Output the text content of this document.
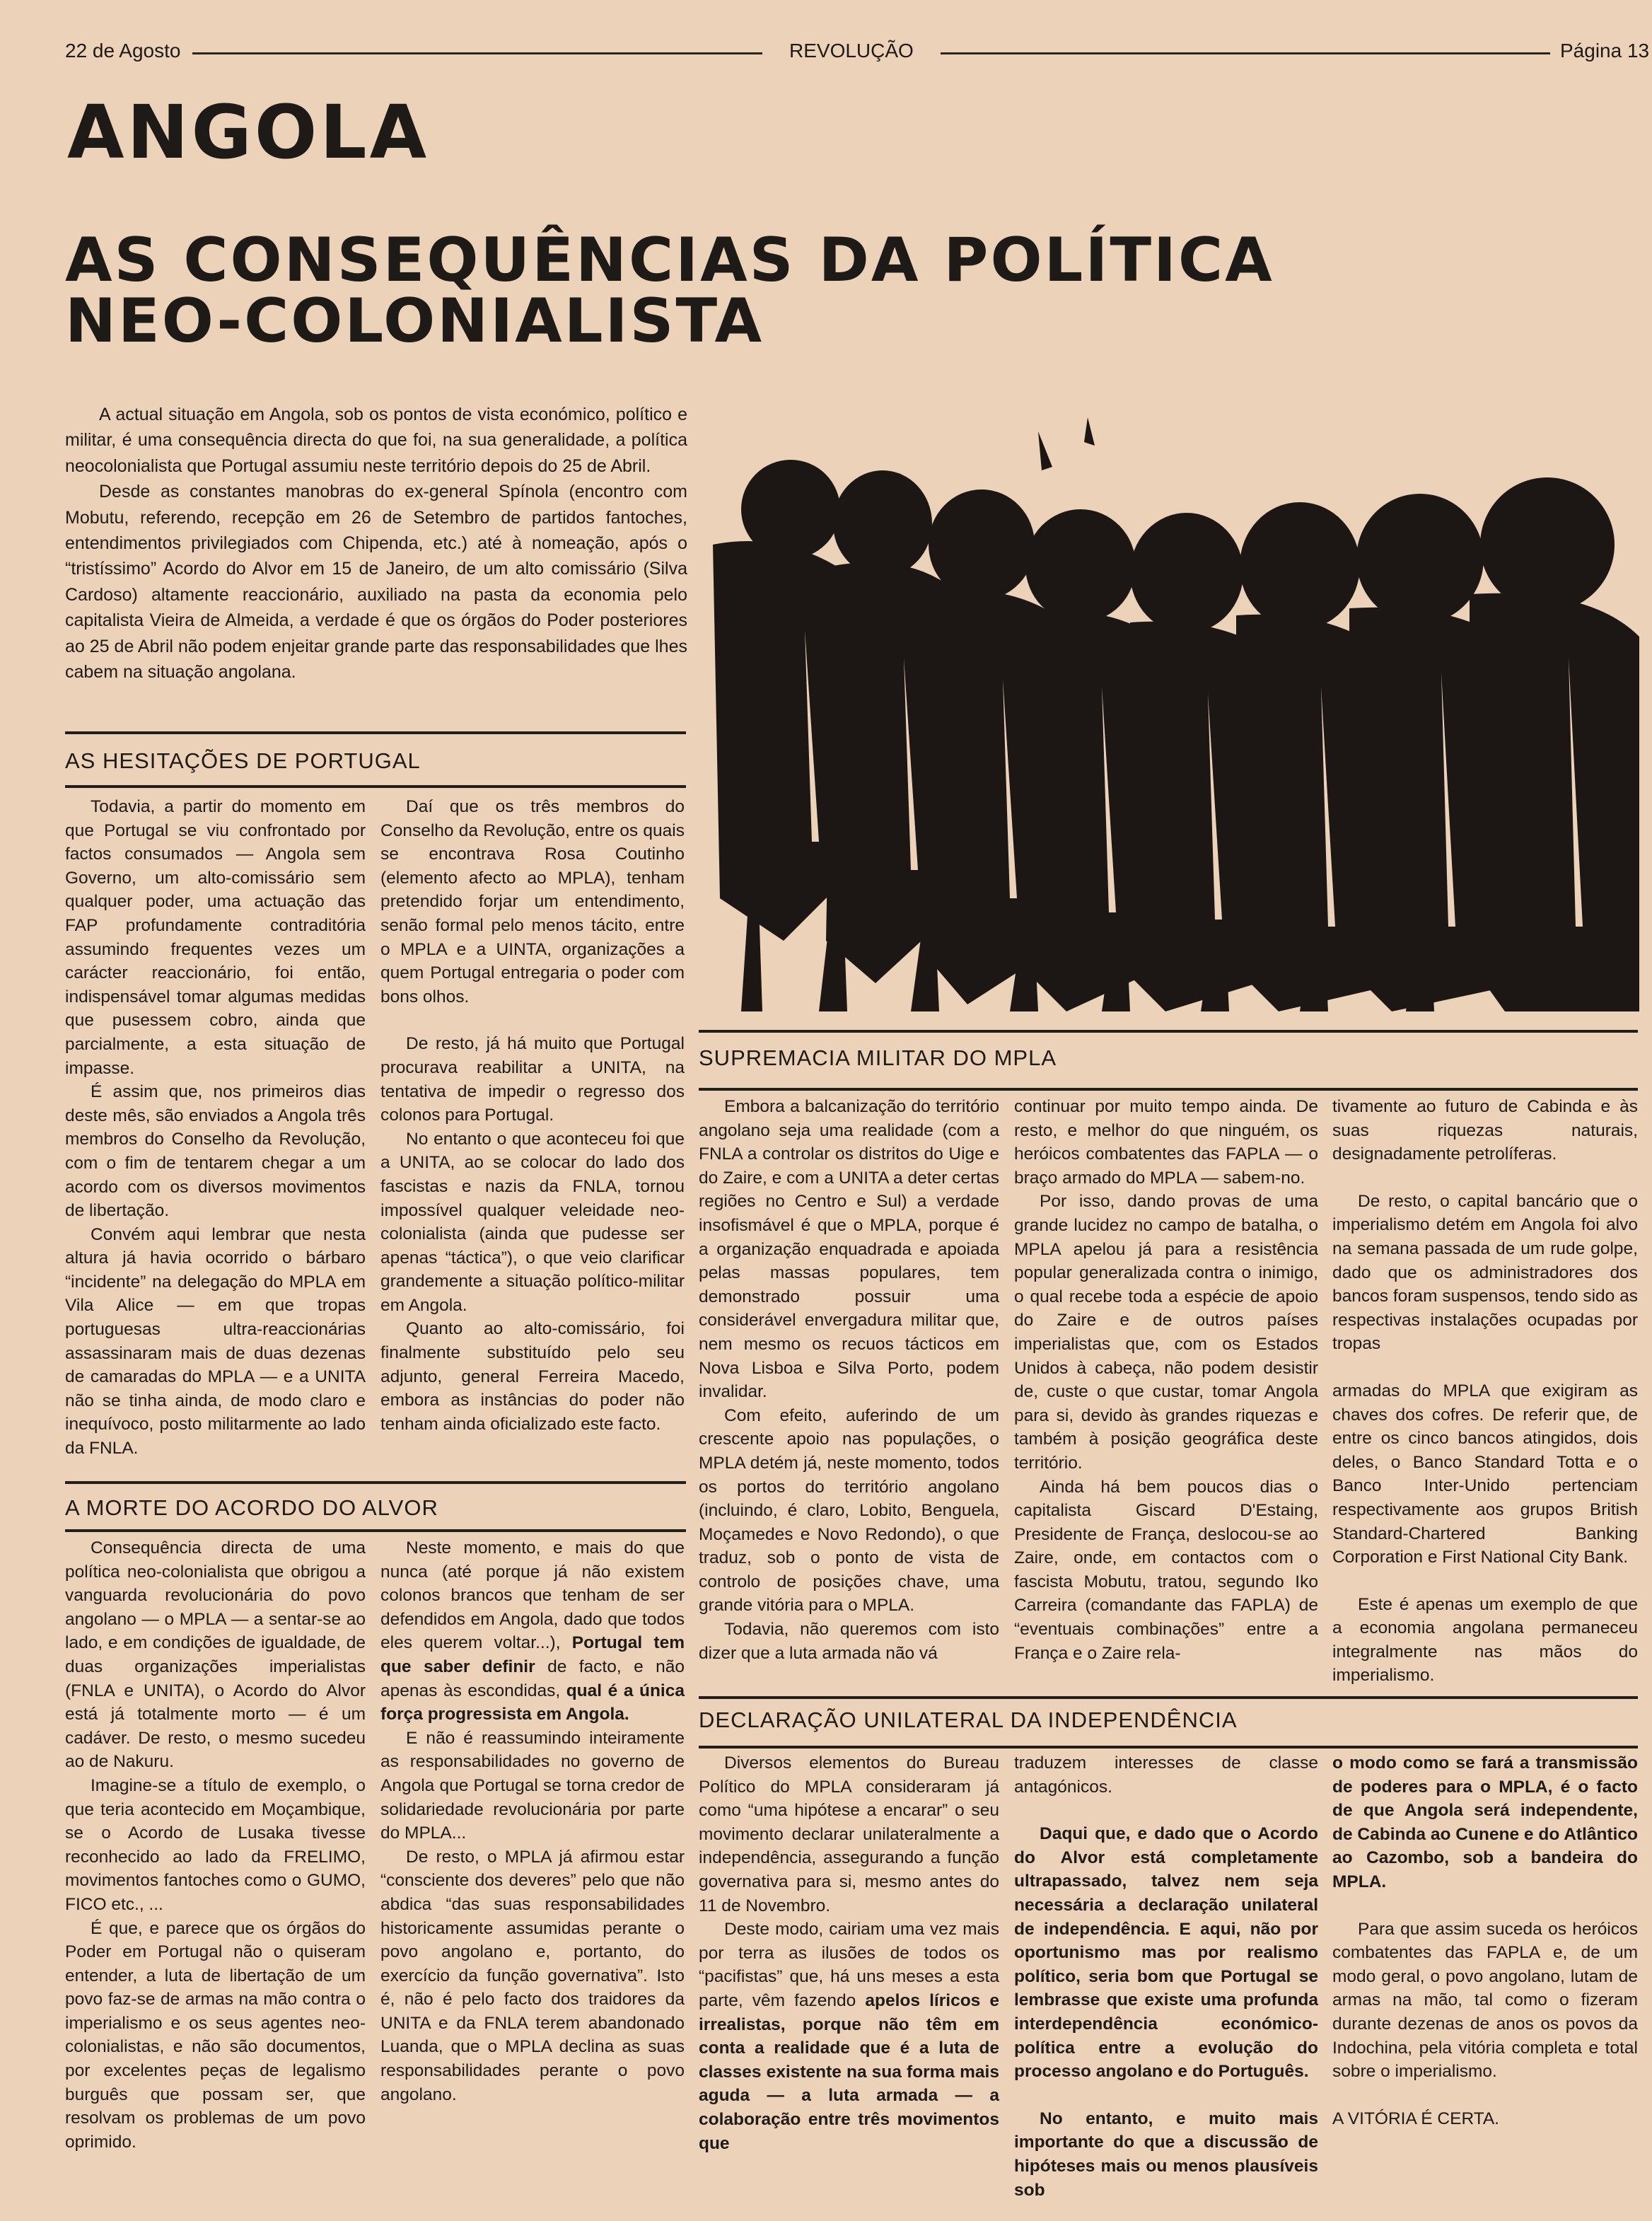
22 de Agosto	REVOLUÇÃO	Página 13
ANGOLA
AS CONSEQUÊNCIAS DA POLÍTICA
NEO-COLONIALISTA

A actual situação em Angola, sob os pontos de vista económico, político e militar, é uma consequência directa do que foi, na sua generalidade, a política neocolonialista que Portugal assumiu neste território depois do 25 de Abril.

Desde as constantes manobras do ex-general Spínola (encontro com Mobutu, referendo, recepção em 26 de Setembro de partidos fantoches, entendimentos privilegiados com Chipenda, etc.) até à nomeação, após o “tristíssimo” Acordo do Alvor em 15 de Janeiro, de um alto comissário (Silva Cardoso) altamente reaccionário, auxiliado na pasta da economia pelo capitalista Vieira de Almeida, a verdade é que os órgãos do Poder posteriores ao 25 de Abril não podem enjeitar grande parte das responsabilidades que lhes cabem na situação angolana.

AS HESITAÇÕES DE PORTUGAL

Todavia, a partir do momento em que Portugal se viu confrontado por factos consumados — Angola sem Governo, um alto-comissário sem qualquer poder, uma actuação das FAP profundamente contraditória assumindo frequentes vezes um carácter reaccionário, foi então, indispensável tomar algumas medidas que pusessem cobro, ainda que parcialmente, a esta situação de impasse.

É assim que, nos primeiros dias deste mês, são enviados a Angola três membros do Conselho da Revolução, com o fim de tentarem chegar a um acordo com os diversos movimentos de libertação.

Convém aqui lembrar que nesta altura já havia ocorrido o bárbaro “incidente” na delegação do MPLA em Vila Alice — em que tropas portuguesas ultra-reaccionárias assassinaram mais de duas dezenas de camaradas do MPLA — e a UNITA não se tinha ainda, de modo claro e inequívoco, posto militarmente ao lado da FNLA.

Daí que os três membros do Conselho da Revolução, entre os quais se encontrava Rosa Coutinho (elemento afecto ao MPLA), tenham pretendido forjar um entendimento, senão formal pelo menos tácito, entre o MPLA e a UINTA, organizações a quem Portugal entregaria o poder com bons olhos.

De resto, já há muito que Portugal procurava reabilitar a UNITA, na tentativa de impedir o regresso dos colonos para Portugal.

No entanto o que aconteceu foi que a UNITA, ao se colocar do lado dos fascistas e nazis da FNLA, tornou impossível qualquer veleidade neo-colonialista (ainda que pudesse ser apenas “táctica”), o que veio clarificar grandemente a situação político-militar em Angola.

Quanto ao alto-comissário, foi finalmente substituído pelo seu adjunto, general Ferreira Macedo, embora as instâncias do poder não tenham ainda oficializado este facto.

A MORTE DO ACORDO DO ALVOR

Consequência directa de uma política neo-colonialista que obrigou a vanguarda revolucionária do povo angolano — o MPLA — a sentar-se ao lado, e em condições de igualdade, de duas organizações imperialistas (FNLA e UNITA), o Acordo do Alvor está já totalmente morto — é um cadáver. De resto, o mesmo sucedeu ao de Nakuru.

Imagine-se a título de exemplo, o que teria acontecido em Moçambique, se o Acordo de Lusaka tivesse reconhecido ao lado da FRELIMO, movimentos fantoches como o GUMO, FICO etc., ...

É que, e parece que os órgãos do Poder em Portugal não o quiseram entender, a luta de libertação de um povo faz-se de armas na mão contra o imperialismo e os seus agentes neo-colonialistas, e não são documentos, por excelentes peças de legalismo burguês que possam ser, que resolvam os problemas de um povo oprimido.

Neste momento, e mais do que nunca (até porque já não existem colonos brancos que tenham de ser defendidos em Angola, dado que todos eles querem voltar...), Portugal tem que saber definir de facto, e não apenas às escondidas, qual é a única força progressista em Angola.

E não é reassumindo inteiramente as responsabilidades no governo de Angola que Portugal se torna credor de solidariedade revolucionária por parte do MPLA...

De resto, o MPLA já afirmou estar “consciente dos deveres” pelo que não abdica “das suas responsabilidades historicamente assumidas perante o povo angolano e, portanto, do exercício da função governativa”. Isto é, não é pelo facto dos traidores da UNITA e da FNLA terem abandonado Luanda, que o MPLA declina as suas responsabilidades perante o povo angolano.

SUPREMACIA MILITAR DO MPLA

Embora a balcanização do território angolano seja uma realidade (com a FNLA a controlar os distritos do Uige e do Zaire, e com a UNITA a deter certas regiões no Centro e Sul) a verdade insofismável é que o MPLA, porque é a organização enquadrada e apoiada pelas massas populares, tem demonstrado possuir uma considerável envergadura militar que, nem mesmo os recuos tácticos em Nova Lisboa e Silva Porto, podem invalidar.

Com efeito, auferindo de um crescente apoio nas populações, o MPLA detém já, neste momento, todos os portos do território angolano (incluindo, é claro, Lobito, Benguela, Moçamedes e Novo Redondo), o que traduz, sob o ponto de vista de controlo de posições chave, uma grande vitória para o MPLA.

Todavia, não queremos com isto dizer que a luta armada não vá

continuar por muito tempo ainda. De resto, e melhor do que ninguém, os heróicos combatentes das FAPLA — o braço armado do MPLA — sabem-no.

Por isso, dando provas de uma grande lucidez no campo de batalha, o MPLA apelou já para a resistência popular generalizada contra o inimigo, o qual recebe toda a espécie de apoio do Zaire e de outros países imperialistas que, com os Estados Unidos à cabeça, não podem desistir de, custe o que custar, tomar Angola para si, devido às grandes riquezas e também à posição geográfica deste território.

Ainda há bem poucos dias o capitalista Giscard D'Estaing, Presidente de França, deslocou-se ao Zaire, onde, em contactos com o fascista Mobutu, tratou, segundo Iko Carreira (comandante das FAPLA) de “eventuais combinações” entre a França e o Zaire rela-

tivamente ao futuro de Cabinda e às suas riquezas naturais, designadamente petrolíferas.

De resto, o capital bancário que o imperialismo detém em Angola foi alvo na semana passada de um rude golpe, dado que os administradores dos bancos foram suspensos, tendo sido as respectivas instalações ocupadas por tropas

armadas do MPLA que exigiram as chaves dos cofres. De referir que, de entre os cinco bancos atingidos, dois deles, o Banco Standard Totta e o Banco Inter-Unido pertenciam respectivamente aos grupos British Standard-Chartered Banking Corporation e First National City Bank.

Este é apenas um exemplo de que a economia angolana permaneceu integralmente nas mãos do imperialismo.

DECLARAÇÃO UNILATERAL DA INDEPENDÊNCIA

Diversos elementos do Bureau Político do MPLA consideraram já como “uma hipótese a encarar” o seu movimento declarar unilateralmente a independência, assegurando a função governativa para si, mesmo antes do 11 de Novembro.

Deste modo, cairiam uma vez mais por terra as ilusões de todos os “pacifistas” que, há uns meses a esta parte, vêm fazendo apelos líricos e irrealistas, porque não têm em conta a realidade que é a luta de classes existente na sua forma mais aguda — a luta armada — a colaboração entre três movimentos que

traduzem interesses de classe antagónicos.

Daqui que, e dado que o Acordo do Alvor está completamente ultrapassado, talvez nem seja necessária a declaração unilateral de independência. E aqui, não por oportunismo mas por realismo político, seria bom que Portugal se lembrasse que existe uma profunda interdependência económico-política entre a evolução do processo angolano e do Português.

No entanto, e muito mais importante do que a discussão de hipóteses mais ou menos plausíveis sob

o modo como se fará a transmissão de poderes para o MPLA, é o facto de que Angola será independente, de Cabinda ao Cunene e do Atlântico ao Cazombo, sob a bandeira do MPLA.

Para que assim suceda os heróicos combatentes das FAPLA e, de um modo geral, o povo angolano, lutam de armas na mão, tal como o fizeram durante dezenas de anos os povos da Indochina, pela vitória completa e total sobre o imperialismo.

A VITÓRIA É CERTA.
